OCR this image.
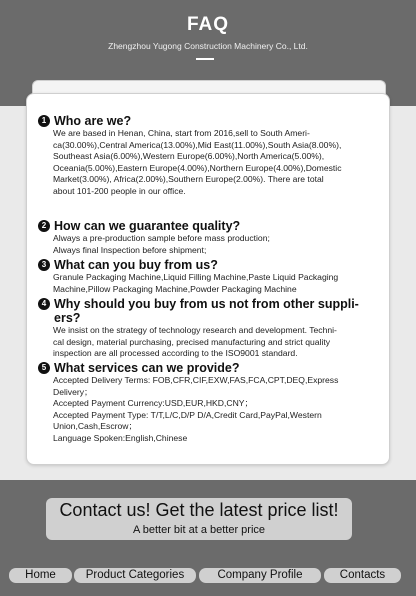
FAQ
Zhengzhou Yugong Construction Machinery Co., Ltd.
1 Who are we?
We are based in Henan, China, start from 2016,sell to South Ameri-
ca(30.00%),Central America(13.00%),Mid East(11.00%),South Asia(8.00%),
Southeast Asia(6.00%),Western Europe(6.00%),North America(5.00%),
Oceania(5.00%),Eastern Europe(4.00%),Northern Europe(4.00%),Domestic
Market(3.00%), Africa(2.00%),Southern Europe(2.00%). There are total
about 101-200 people in our office.
2 How can we guarantee quality?
Always a pre-production sample before mass production;
Always final Inspection before shipment;
3 What can you buy from us?
Granule Packaging Machine,Liquid Filling Machine,Paste Liquid Packaging
Machine,Pillow Packaging Machine,Powder Packaging Machine
4 Why should you buy from us not from other suppli-
ers?
We insist on the strategy of technology research and development. Techni-
cal design, material purchasing, precised manufacturing and strict quality
inspection are all processed according to the ISO9001 standard.
5 What services can we provide?
Accepted Delivery Terms: FOB,CFR,CIF,EXW,FAS,FCA,CPT,DEQ,Express
Delivery；
Accepted Payment Currency:USD,EUR,HKD,CNY；
Accepted Payment Type: T/T,L/C,D/P D/A,Credit Card,PayPal,Western
Union,Cash,Escrow；
Language Spoken:English,Chinese
Contact us! Get the latest price list!
A better bit at a better price
Home	Product Categories	Company Profile	Contacts
